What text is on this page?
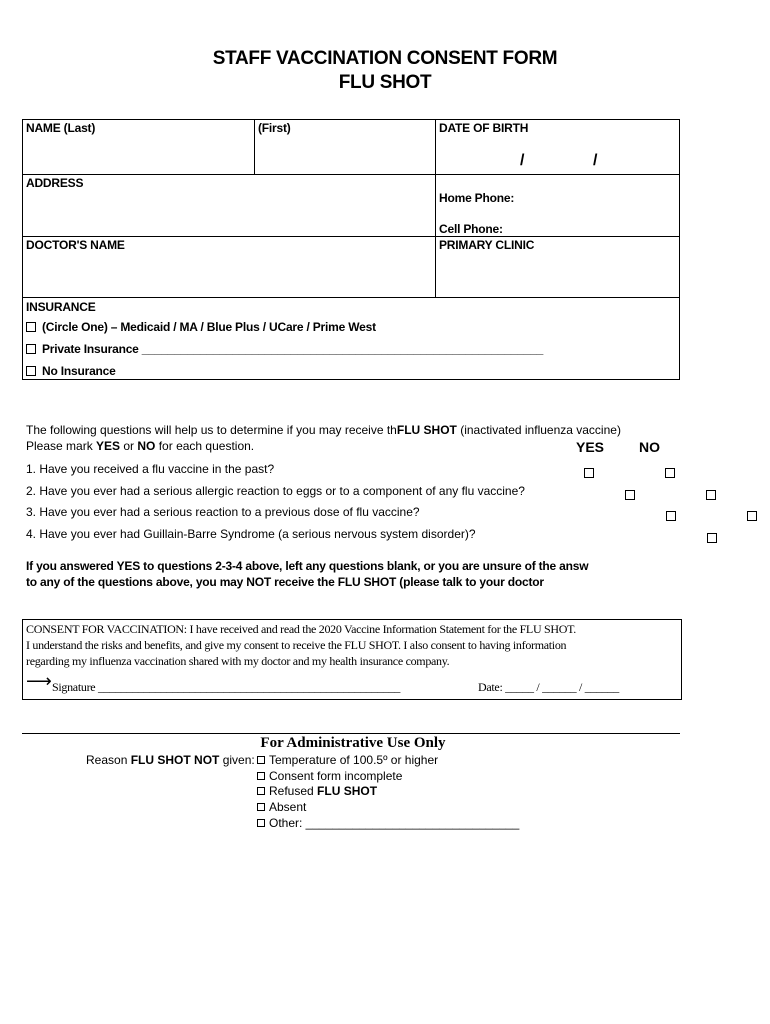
STAFF VACCINATION CONSENT FORM
FLU SHOT
NAME (Last)	(First)	DATE OF BIRTH
/	/
ADDRESS
Home Phone:
Cell Phone:
DOCTOR'S NAME	PRIMARY CLINIC
INSURANCE
(Circle One) – Medicaid / MA / Blue Plus / UCare / Prime West
Private Insurance ______________________________________________________________
No Insurance
The following questions will help us to determine if you may receive thFLU SHOT (inactivated influenza vaccine)
Please mark YES or NO for each question.	YES NO
1. Have you received a flu vaccine in the past?
2. Have you ever had a serious allergic reaction to eggs or to a component of any flu vaccine?
3. Have you ever had a serious reaction to a previous dose of flu vaccine?
4. Have you ever had Guillain-Barre Syndrome (a serious nervous system disorder)?

If you answered YES to questions 2-3-4 above, left any questions blank, or you are unsure of the answ
to any of the questions above, you may NOT receive the FLU SHOT (please talk to your doctor
CONSENT FOR VACCINATION: I have received and read the 2020 Vaccine Information Statement for the FLU SHOT.
I understand the risks and benefits, and give my consent to receive the FLU SHOT. I also consent to having information
regarding my influenza vaccination shared with my doctor and my health insurance company.
⟶ Signature _____________________________________________________	Date: _____ / ______ / ______
For Administrative Use Only
Reason FLU SHOT NOT given:	Temperature of 100.5º or higher
Consent form incomplete
Refused FLU SHOT
Absent
Other: ________________________________
